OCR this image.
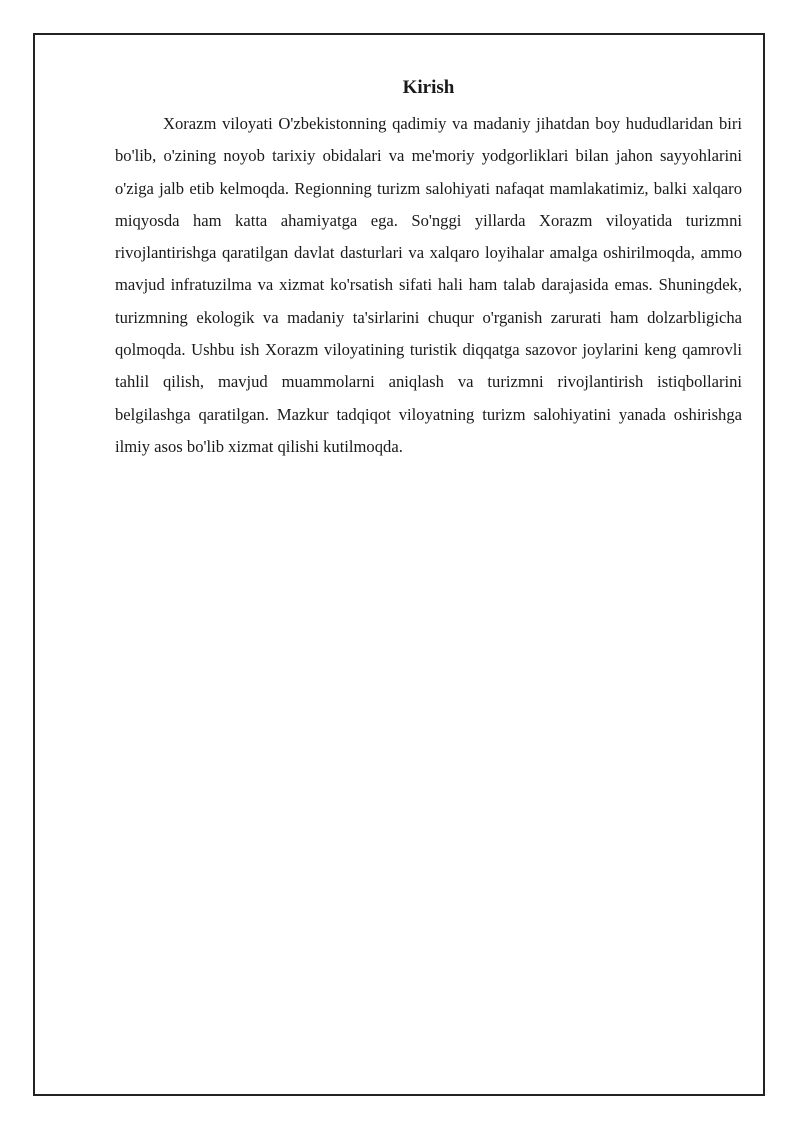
Kirish

Xorazm viloyati O'zbekistonning qadimiy va madaniy jihatdan boy hududlaridan biri bo'lib, o'zining noyob tarixiy obidalari va me'moriy yodgorliklari bilan jahon sayyohlarini o'ziga jalb etib kelmoqda. Regionning turizm salohiyati nafaqat mamlakatimiz, balki xalqaro miqyosda ham katta ahamiyatga ega. So'nggi yillarda Xorazm viloyatida turizmni rivojlantirishga qaratilgan davlat dasturlari va xalqaro loyihalar amalga oshirilmoqda, ammo mavjud infratuzilma va xizmat ko'rsatish sifati hali ham talab darajasida emas. Shuningdek, turizmning ekologik va madaniy ta'sirlarini chuqur o'rganish zarurati ham dolzarbligicha qolmoqda. Ushbu ish Xorazm viloyatining turistik diqqatga sazovor joylarini keng qamrovli tahlil qilish, mavjud muammolarni aniqlash va turizmni rivojlantirish istiqbollarini belgilashga qaratilgan. Mazkur tadqiqot viloyatning turizm salohiyatini yanada oshirishga ilmiy asos bo'lib xizmat qilishi kutilmoqda.
